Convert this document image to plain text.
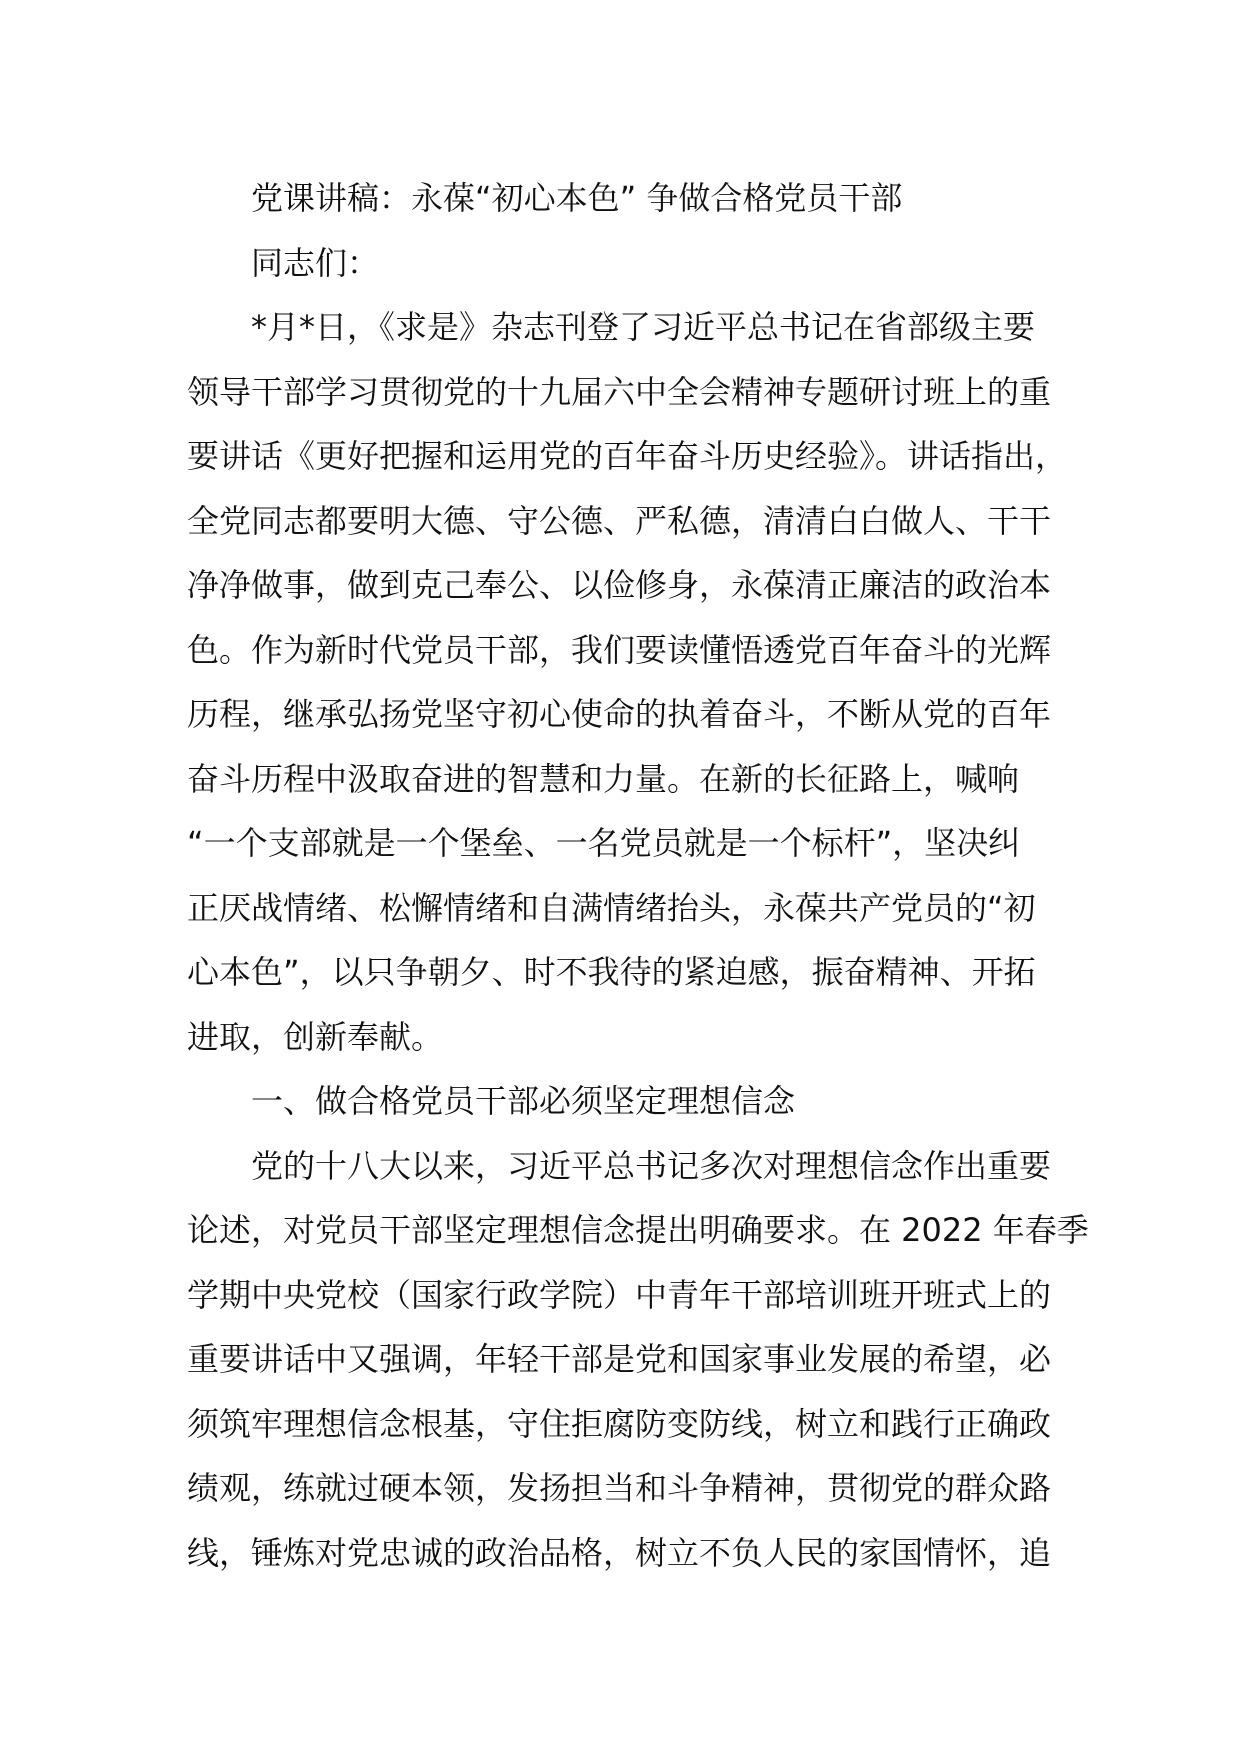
党课讲稿：永葆“初心本色” 争做合格党员干部
同志们：
*月*日，《求是》杂志刊登了习近平总书记在省部级主要
领导干部学习贯彻党的十九届六中全会精神专题研讨班上的重
要讲话《更好把握和运用党的百年奋斗历史经验》。讲话指出，
全党同志都要明大德、守公德、严私德，清清白白做人、干干
净净做事，做到克己奉公、以俭修身，永葆清正廉洁的政治本
色。作为新时代党员干部，我们要读懂悟透党百年奋斗的光辉
历程，继承弘扬党坚守初心使命的执着奋斗，不断从党的百年
奋斗历程中汲取奋进的智慧和力量。在新的长征路上，喊响
“一个支部就是一个堡垒、一名党员就是一个标杆”，坚决纠
正厌战情绪、松懈情绪和自满情绪抬头，永葆共产党员的“初
心本色”，以只争朝夕、时不我待的紧迫感，振奋精神、开拓
进取，创新奉献。
一、做合格党员干部必须坚定理想信念
党的十八大以来，习近平总书记多次对理想信念作出重要
论述，对党员干部坚定理想信念提出明确要求。在 2022 年春季
学期中央党校（国家行政学院）中青年干部培训班开班式上的
重要讲话中又强调，年轻干部是党和国家事业发展的希望，必
须筑牢理想信念根基，守住拒腐防变防线，树立和践行正确政
绩观，练就过硬本领，发扬担当和斗争精神，贯彻党的群众路
线，锤炼对党忠诚的政治品格，树立不负人民的家国情怀，追
